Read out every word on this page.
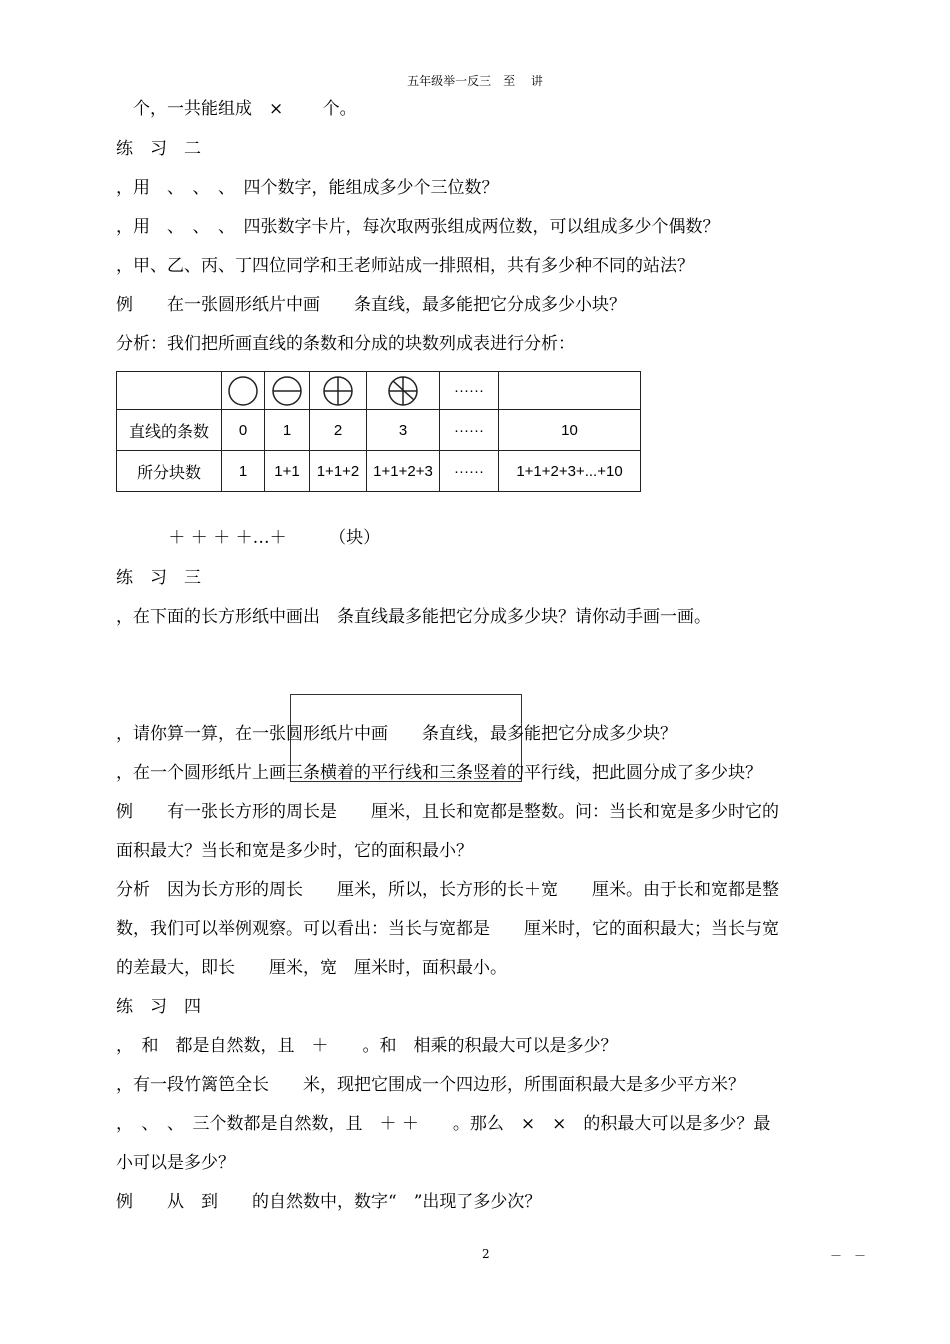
五年级举一反三　至　 讲
　个，一共能组成　×　　 个。
练　习　二
，用　、　、　、　四个数字，能组成多少个三位数？
，用　、　、　、　四张数字卡片，每次取两张组成两位数，可以组成多少个偶数？
，甲、乙、丙、丁四位同学和王老师站成一排照相，共有多少种不同的站法？
例　　在一张圆形纸片中画　　条直线，最多能把它分成多少小块？
分析：我们把所画直线的条数和分成的块数列成表进行分析：
					······	
直线的条数	0	1	2	3	······	10
所分块数	1	1+1	1+1+2	1+1+2+3	······	1+1+2+3+...+10
　 ＋ ＋ ＋ ＋…＋　　　（块）
练　习　三
，在下面的长方形纸中画出　条直线最多能把它分成多少块？请你动手画一画。
，请你算一算，在一张圆形纸片中画　　条直线，最多能把它分成多少块？
，在一个圆形纸片上画三条横着的平行线和三条竖着的平行线，把此圆分成了多少块？
例　　有一张长方形的周长是　　厘米，且长和宽都是整数。问：当长和宽是多少时它的
面积最大？当长和宽是多少时，它的面积最小？
分析　因为长方形的周长　　厘米，所以，长方形的长＋宽　　厘米。由于长和宽都是整
数，我们可以举例观察。可以看出：当长与宽都是　　厘米时，它的面积最大；当长与宽
的差最大，即长　　厘米，宽　厘米时，面积最小。
练　习　四
，　和　都是自然数，且　＋　　。和　相乘的积最大可以是多少？
，有一段竹篱笆全长　　米，现把它围成一个四边形，所围面积最大是多少平方米？
，　、　、　三个数都是自然数，且　＋ ＋　　。那么　×　×　的积最大可以是多少？最
小可以是多少？
例　　从　到　　的自然数中，数字“　”出现了多少次？
2	－　－
